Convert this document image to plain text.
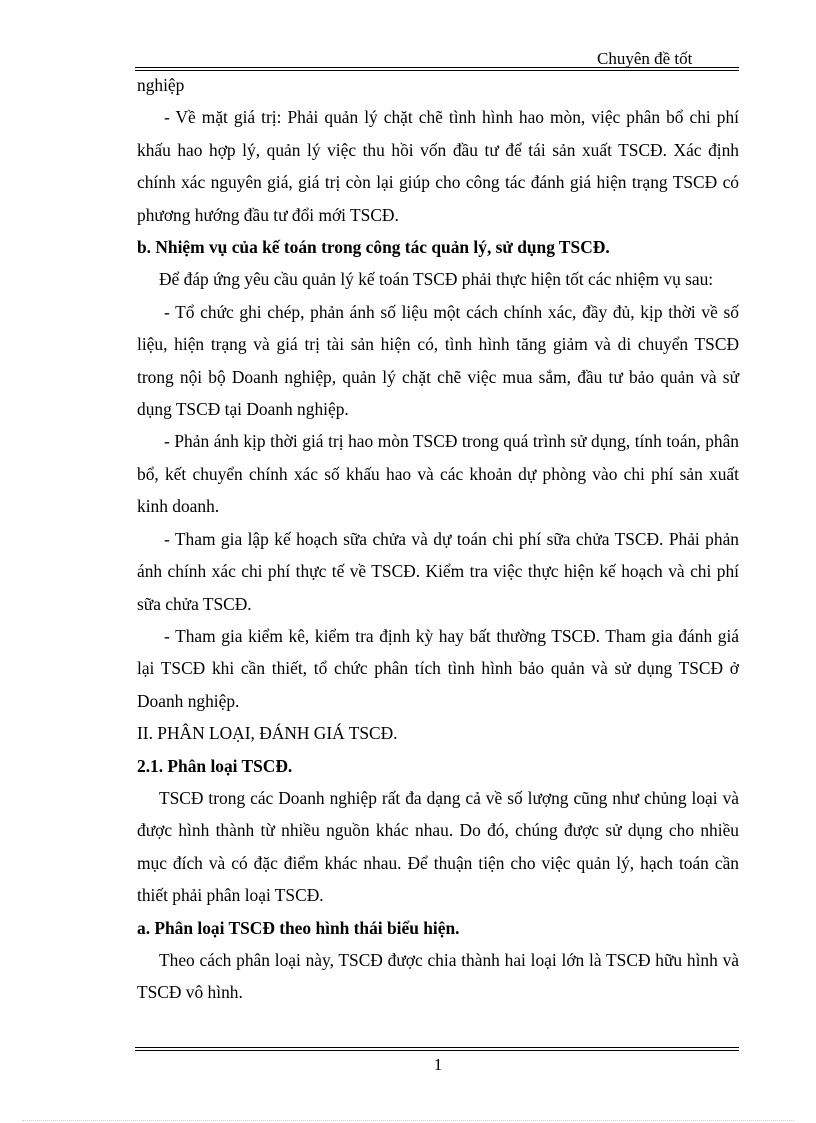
Chuyên đề tốt

nghiệp

- Về mặt giá trị: Phải quản lý chặt chẽ tình hình hao mòn, việc phân bổ chi phí khấu hao hợp lý, quản lý việc thu hồi vốn đầu tư để tái sản xuất TSCĐ. Xác định chính xác nguyên giá, giá trị còn lại giúp cho công tác đánh giá hiện trạng TSCĐ có phương hướng đầu tư đổi mới TSCĐ.

b. Nhiệm vụ của kế toán trong công tác quản lý, sử dụng TSCĐ.

Để đáp ứng yêu cầu quản lý kế toán TSCĐ phải thực hiện tốt các nhiệm vụ sau:

- Tổ chức ghi chép, phản ánh số liệu một cách chính xác, đầy đủ, kịp thời về số liệu, hiện trạng và giá trị tài sản hiện có, tình hình tăng giảm và di chuyển TSCĐ trong nội bộ Doanh nghiệp, quản lý chặt chẽ việc mua sắm, đầu tư bảo quản và sử dụng TSCĐ tại Doanh nghiệp.

- Phản ánh kịp thời giá trị hao mòn TSCĐ trong quá trình sử dụng, tính toán, phân bổ, kết chuyển chính xác số khấu hao và các khoản dự phòng vào chi phí sản xuất kinh doanh.

- Tham gia lập kế hoạch sữa chửa và dự toán chi phí sữa chửa TSCĐ. Phải phản ánh chính xác chi phí thực tế về TSCĐ. Kiểm tra việc thực hiện kế hoạch và chi phí sữa chửa TSCĐ.

- Tham gia kiểm kê, kiểm tra định kỳ hay bất thường TSCĐ. Tham gia đánh giá lại TSCĐ khi cần thiết, tổ chức phân tích tình hình bảo quản và sử dụng TSCĐ ở Doanh nghiệp.

II. PHÂN LOẠI, ĐÁNH GIÁ TSCĐ.

2.1. Phân loại TSCĐ.

TSCĐ trong các Doanh nghiệp rất đa dạng cả về số lượng cũng như chủng loại và được hình thành từ nhiều nguồn khác nhau. Do đó, chúng được sử dụng cho nhiều mục đích và có đặc điểm khác nhau. Để thuận tiện cho việc quản lý, hạch toán cần thiết phải phân loại TSCĐ.

a. Phân loại TSCĐ theo hình thái biểu hiện.

Theo cách phân loại này, TSCĐ được chia thành hai loại lớn là TSCĐ hữu hình và TSCĐ vô hình.

1
